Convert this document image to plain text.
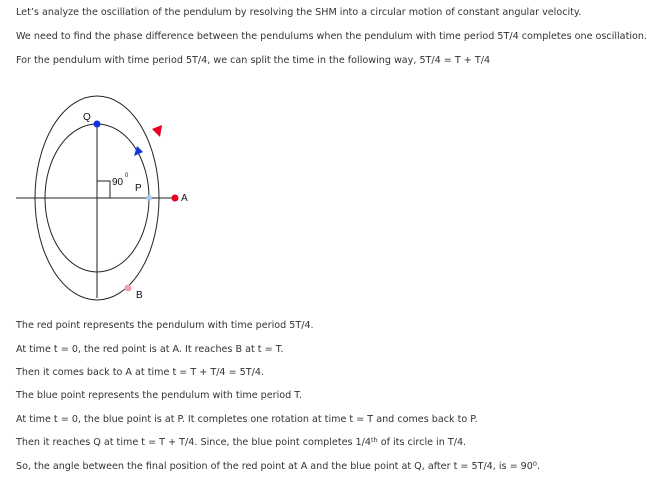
Let’s analyze the oscillation of the pendulum by resolving the SHM into a circular motion of constant angular velocity.
We need to find the phase difference between the pendulums when the pendulum with time period 5T/4 completes one oscillation.
For the pendulum with time period 5T/4, we can split the time in the following way, 5T/4 = T + T/4
Q
P
A
B
90
0
The red point represents the pendulum with time period 5T/4.
At time t = 0, the red point is at A. It reaches B at t = T.
Then it comes back to A at time t = T + T/4 = 5T/4.
The blue point represents the pendulum with time period T.
At time t = 0, the blue point is at P. It completes one rotation at time t = T and comes back to P.
Then it reaches Q at time t = T + T/4. Since, the blue point completes 1/4th of its circle in T/4.
So, the angle between the final position of the red point at A and the blue point at Q, after t = 5T/4, is = $90^0$.
